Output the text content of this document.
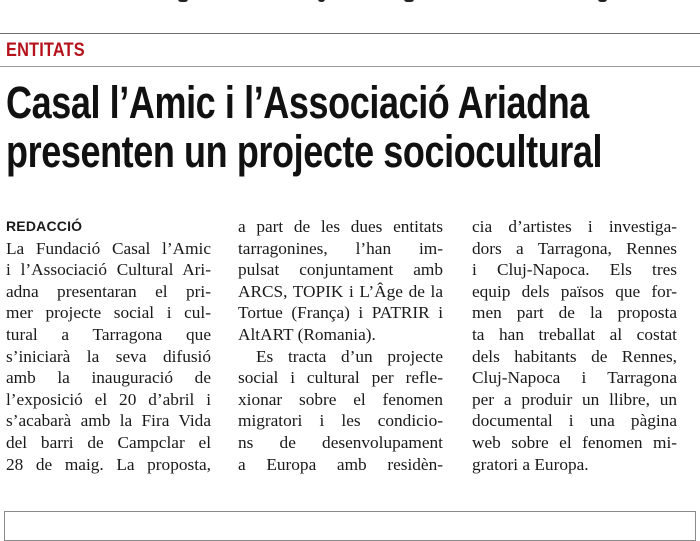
ENTITATS
Casal l’Amic i l’Associació Ariadna
presenten un projecte sociocultural
REDACCIÓ
La Fundació Casal l’Amic
i l’Associació Cultural Ari-
adna presentaran el pri-
mer projecte social i cul-
tural a Tarragona que
s’iniciarà la seva difusió
amb la inauguració de
l’exposició el 20 d’abril i
s’acabarà amb la Fira Vida
del barri de Campclar el
28 de maig. La proposta,
a part de les dues entitats
tarragonines, l’han im-
pulsat conjuntament amb
ARCS, TOPIK i L’Âge de la
Tortue (França) i PATRIR i
AltART (Romania).
Es tracta d’un projecte
social i cultural per refle-
xionar sobre el fenomen
migratori i les condicio-
ns de desenvolupament
a Europa amb residèn-
cia d’artistes i investiga-
dors a Tarragona, Rennes
i Cluj-Napoca. Els tres
equip dels països que for-
men part de la proposta
ta han treballat al costat
dels habitants de Rennes,
Cluj-Napoca i Tarragona
per a produir un llibre, un
documental i una pàgina
web sobre el fenomen mi-
gratori a Europa.
